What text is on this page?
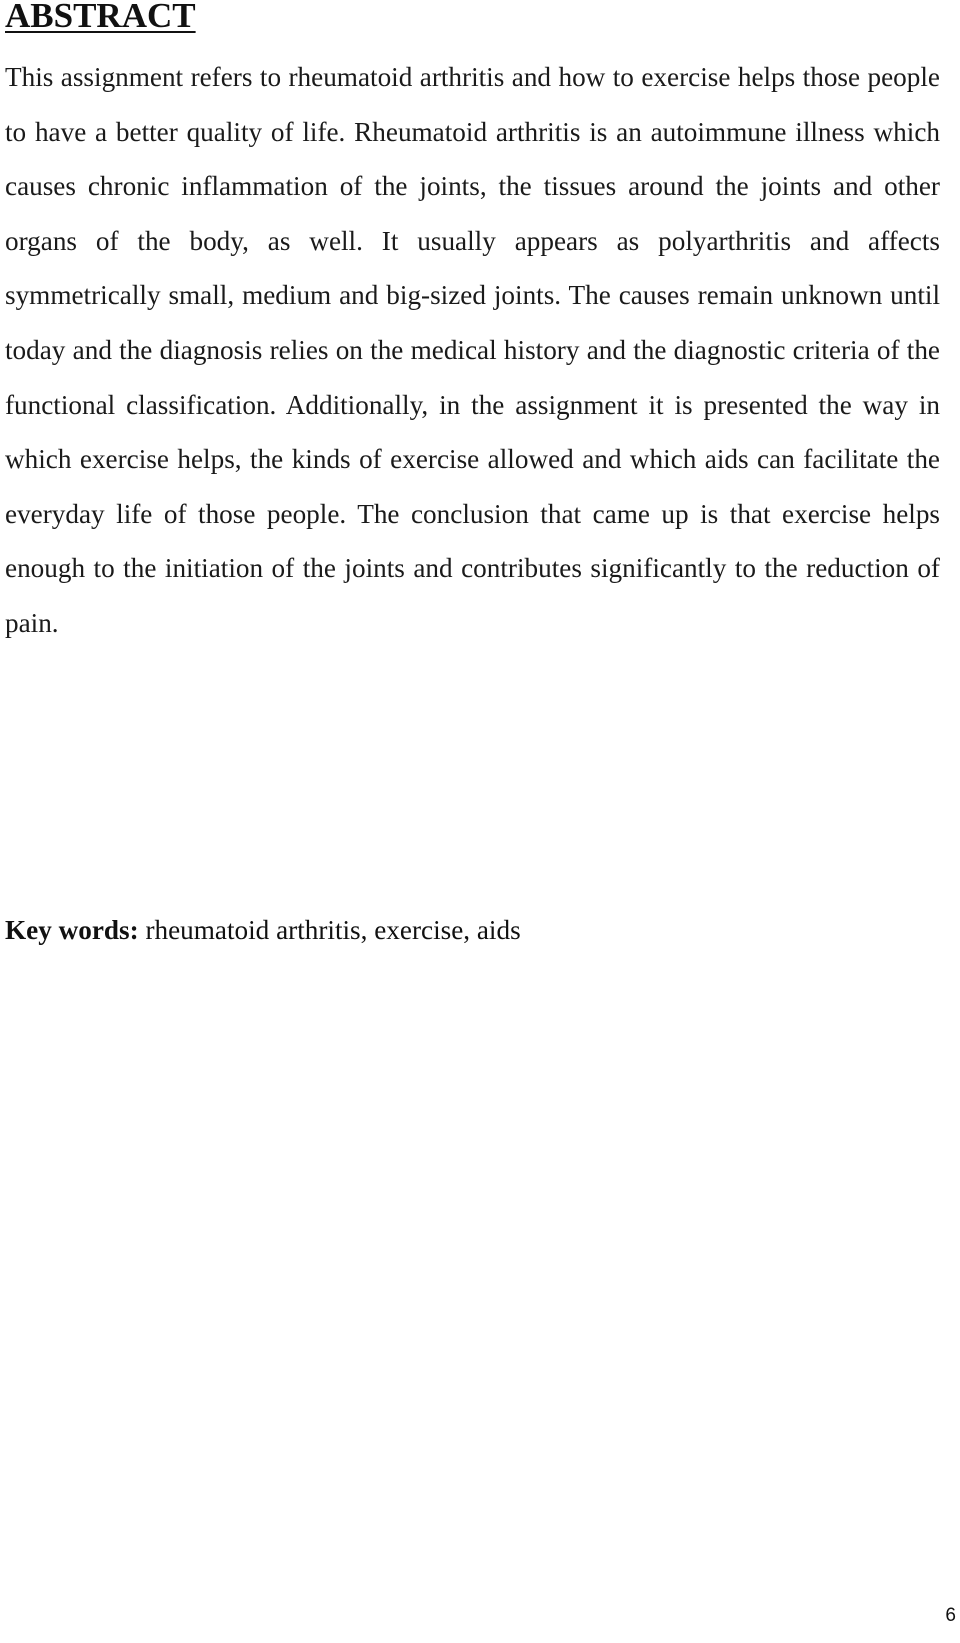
ABSTRACT

This assignment refers to rheumatoid arthritis and how to exercise helps those people to have a better quality of life. Rheumatoid arthritis is an autoimmune illness which causes chronic inflammation of the joints, the tissues around the joints and other organs of the body, as well. It usually appears as polyarthritis and affects symmetrically small, medium and big-sized joints. The causes remain unknown until today and the diagnosis relies on the medical history and the diagnostic criteria of the functional classification. Additionally, in the assignment it is presented the way in which exercise helps, the kinds of exercise allowed and which aids can facilitate the everyday life of those people. The conclusion that came up is that exercise helps enough to the initiation of the joints and contributes significantly to the reduction of pain.

Key words: rheumatoid arthritis, exercise, aids

6
